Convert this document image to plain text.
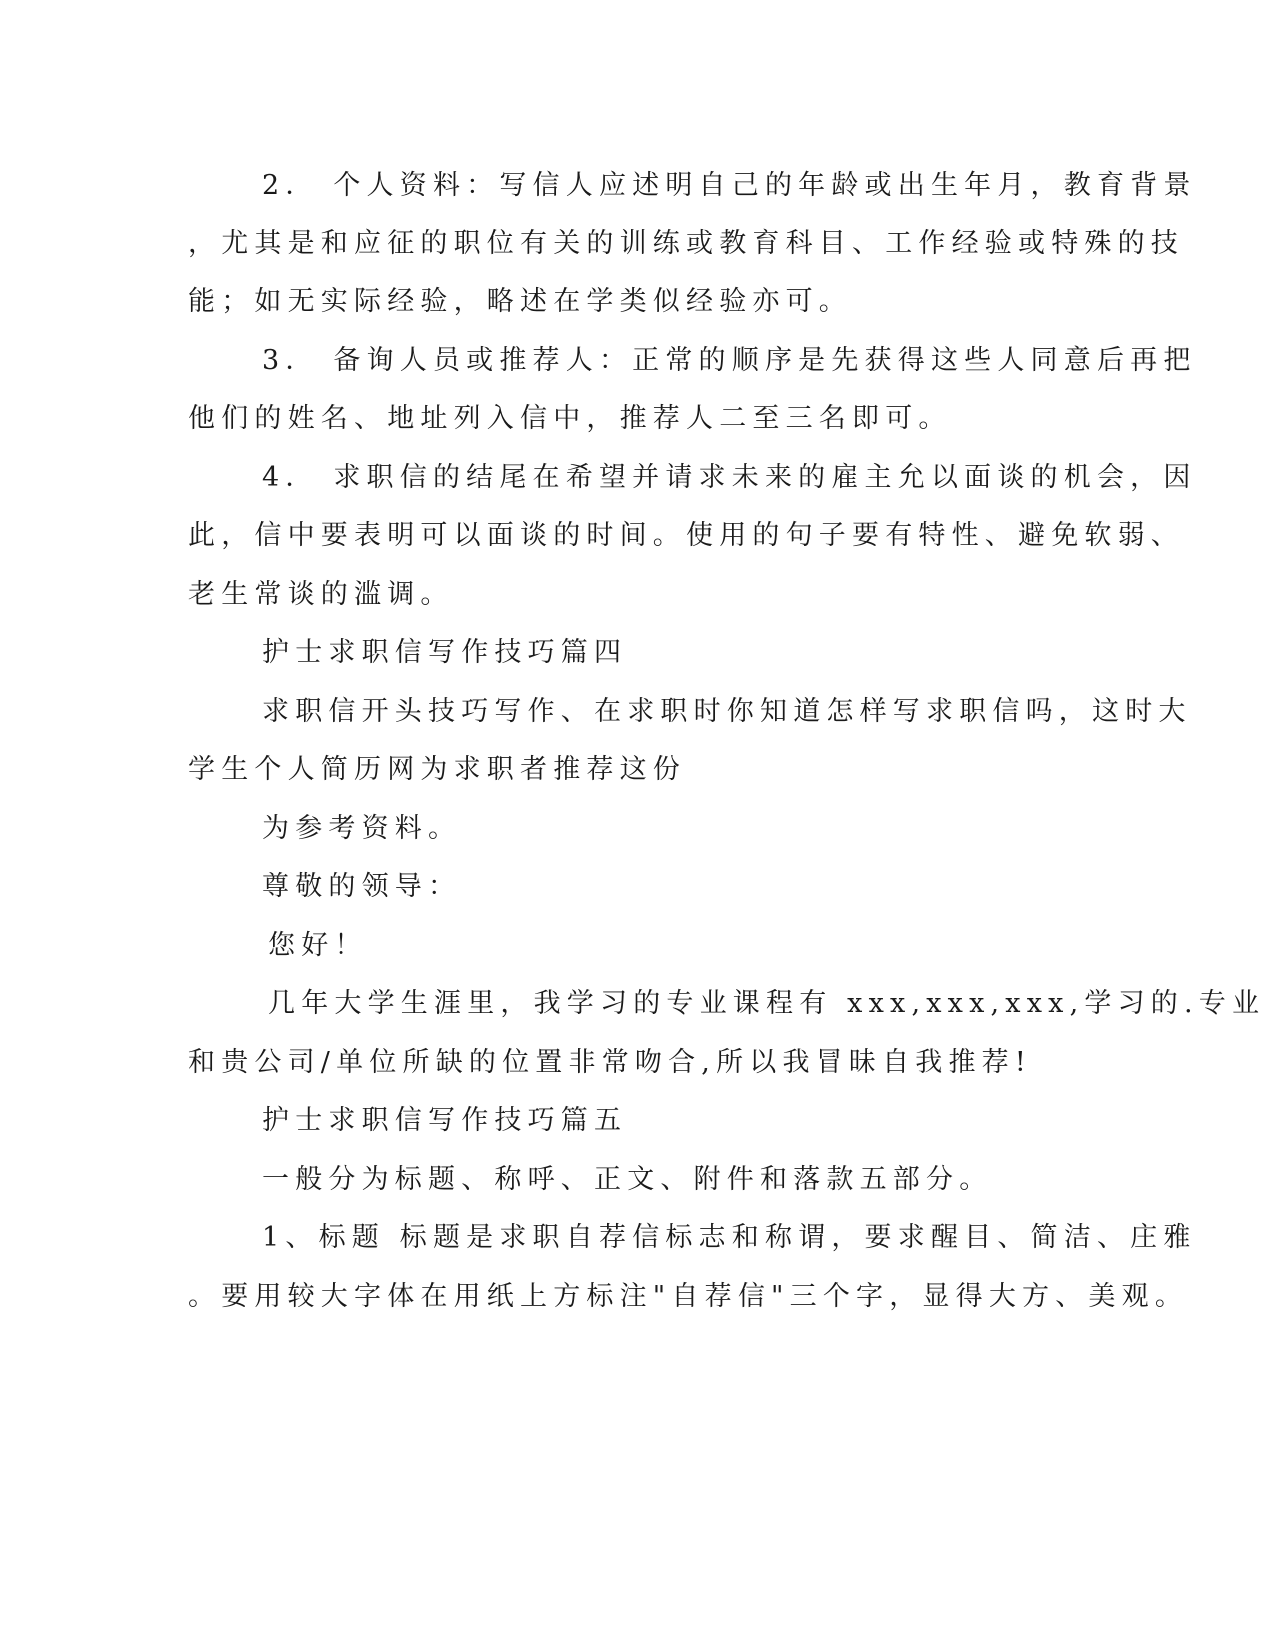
2． 个人资料：写信人应述明自己的年龄或出生年月，教育背景
，尤其是和应征的职位有关的训练或教育科目、工作经验或特殊的技
能；如无实际经验，略述在学类似经验亦可。
3． 备询人员或推荐人：正常的顺序是先获得这些人同意后再把
他们的姓名、地址列入信中，推荐人二至三名即可。
4． 求职信的结尾在希望并请求未来的雇主允以面谈的机会，因
此，信中要表明可以面谈的时间。使用的句子要有特性、避免软弱、
老生常谈的滥调。
护士求职信写作技巧篇四
求职信开头技巧写作、在求职时你知道怎样写求职信吗，这时大
学生个人简历网为求职者推荐这份
为参考资料。
尊敬的领导：
您好！
几年大学生涯里，我学习的专业课程有 xxx,xxx,xxx,学习的.专业
和贵公司/单位所缺的位置非常吻合,所以我冒昧自我推荐!
护士求职信写作技巧篇五
一般分为标题、称呼、正文、附件和落款五部分。
1、标题 标题是求职自荐信标志和称谓，要求醒目、简洁、庄雅
。要用较大字体在用纸上方标注"自荐信"三个字，显得大方、美观。
